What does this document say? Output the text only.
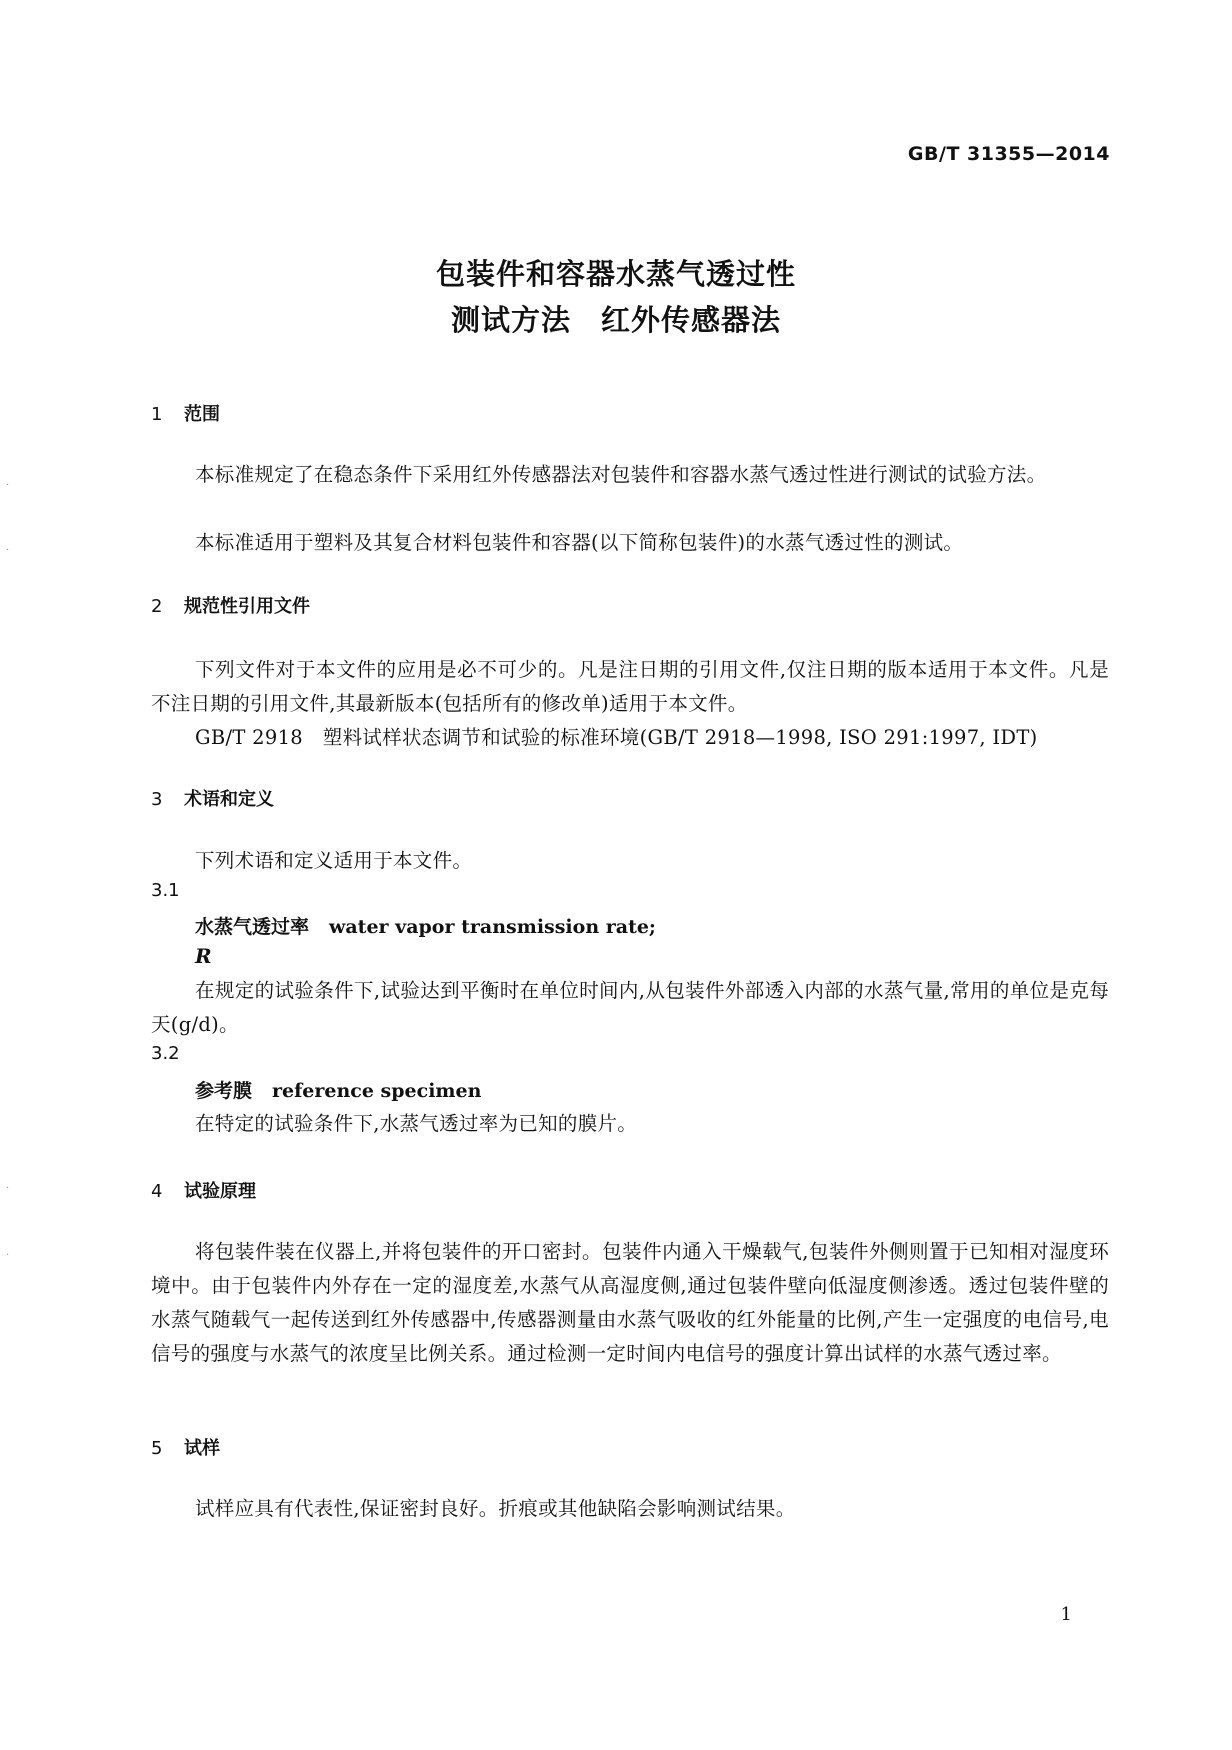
GB/T 31355—2014
包装件和容器水蒸气透过性
测试方法　红外传感器法
1 范围
本标准规定了在稳态条件下采用红外传感器法对包装件和容器水蒸气透过性进行测试的试验方法。
本标准适用于塑料及其复合材料包装件和容器(以下简称包装件)的水蒸气透过性的测试。
2 规范性引用文件
下列文件对于本文件的应用是必不可少的。凡是注日期的引用文件,仅注日期的版本适用于本文件。凡是不注日期的引用文件,其最新版本(包括所有的修改单)适用于本文件。
GB/T 2918　塑料试样状态调节和试验的标准环境(GB/T 2918—1998, ISO 291:1997, IDT)
3 术语和定义
下列术语和定义适用于本文件。
3.1
水蒸气透过率 water vapor transmission rate;
R
在规定的试验条件下,试验达到平衡时在单位时间内,从包装件外部透入内部的水蒸气量,常用的单位是克每天(g/d)。
3.2
参考膜 reference specimen
在特定的试验条件下,水蒸气透过率为已知的膜片。
4 试验原理
将包装件装在仪器上,并将包装件的开口密封。包装件内通入干燥载气,包装件外侧则置于已知相对湿度环境中。由于包装件内外存在一定的湿度差,水蒸气从高湿度侧,通过包装件壁向低湿度侧渗透。透过包装件壁的水蒸气随载气一起传送到红外传感器中,传感器测量由水蒸气吸收的红外能量的比例,产生一定强度的电信号,电信号的强度与水蒸气的浓度呈比例关系。通过检测一定时间内电信号的强度计算出试样的水蒸气透过率。
5 试样
试样应具有代表性,保证密封良好。折痕或其他缺陷会影响测试结果。
1
·
·
·
·
